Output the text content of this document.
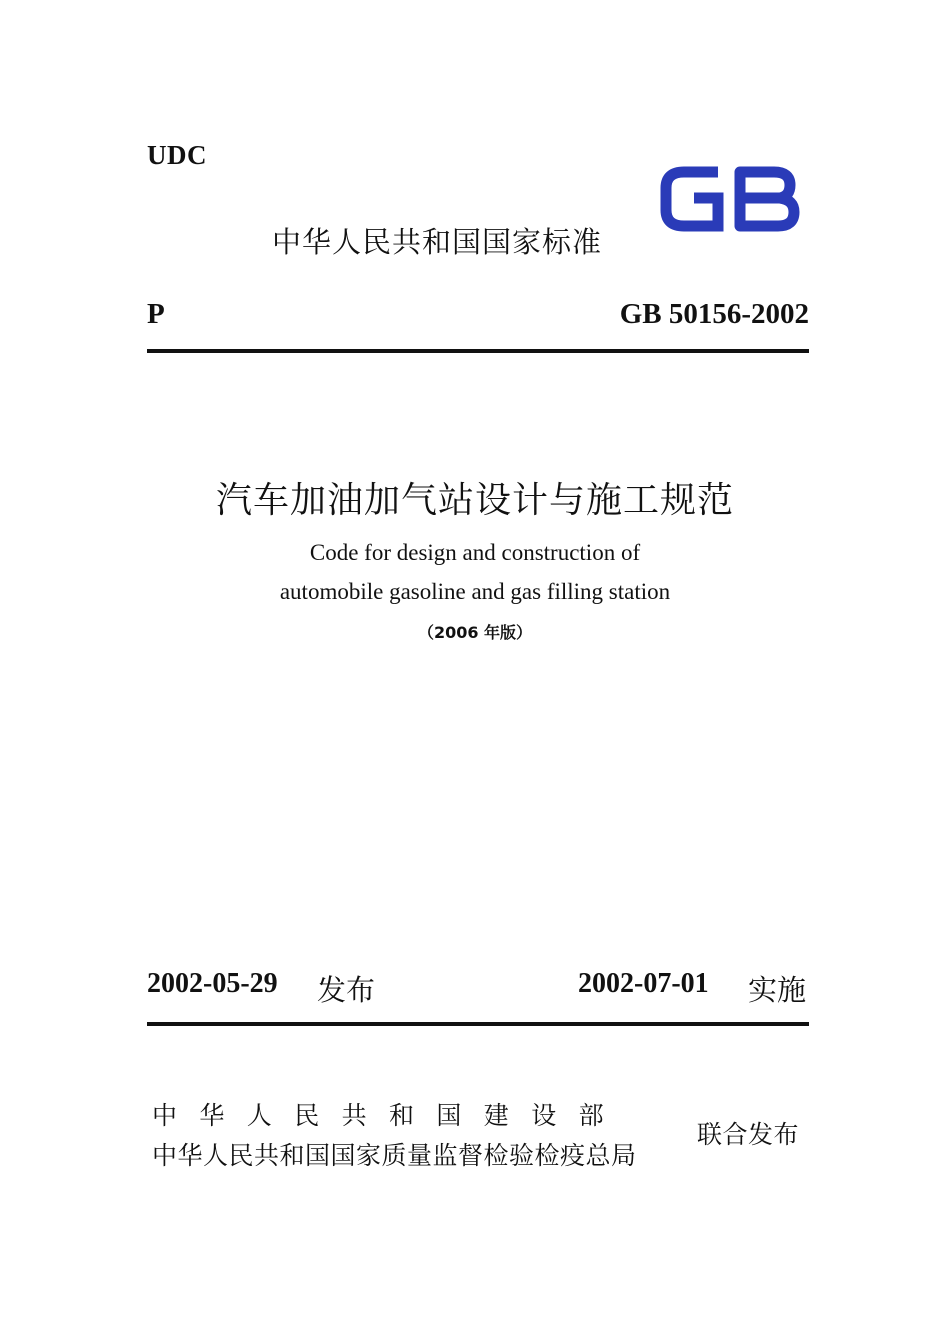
UDC
中华人民共和国国家标准
P	GB 50156-2002
汽车加油加气站设计与施工规范
Code for design and construction of
automobile gasoline and gas filling station
（2006 年版）
2002-05-29 发布	2002-07-01 实施
中华人民共和国建设部
中华人民共和国国家质量监督检验检疫总局
联合发布
